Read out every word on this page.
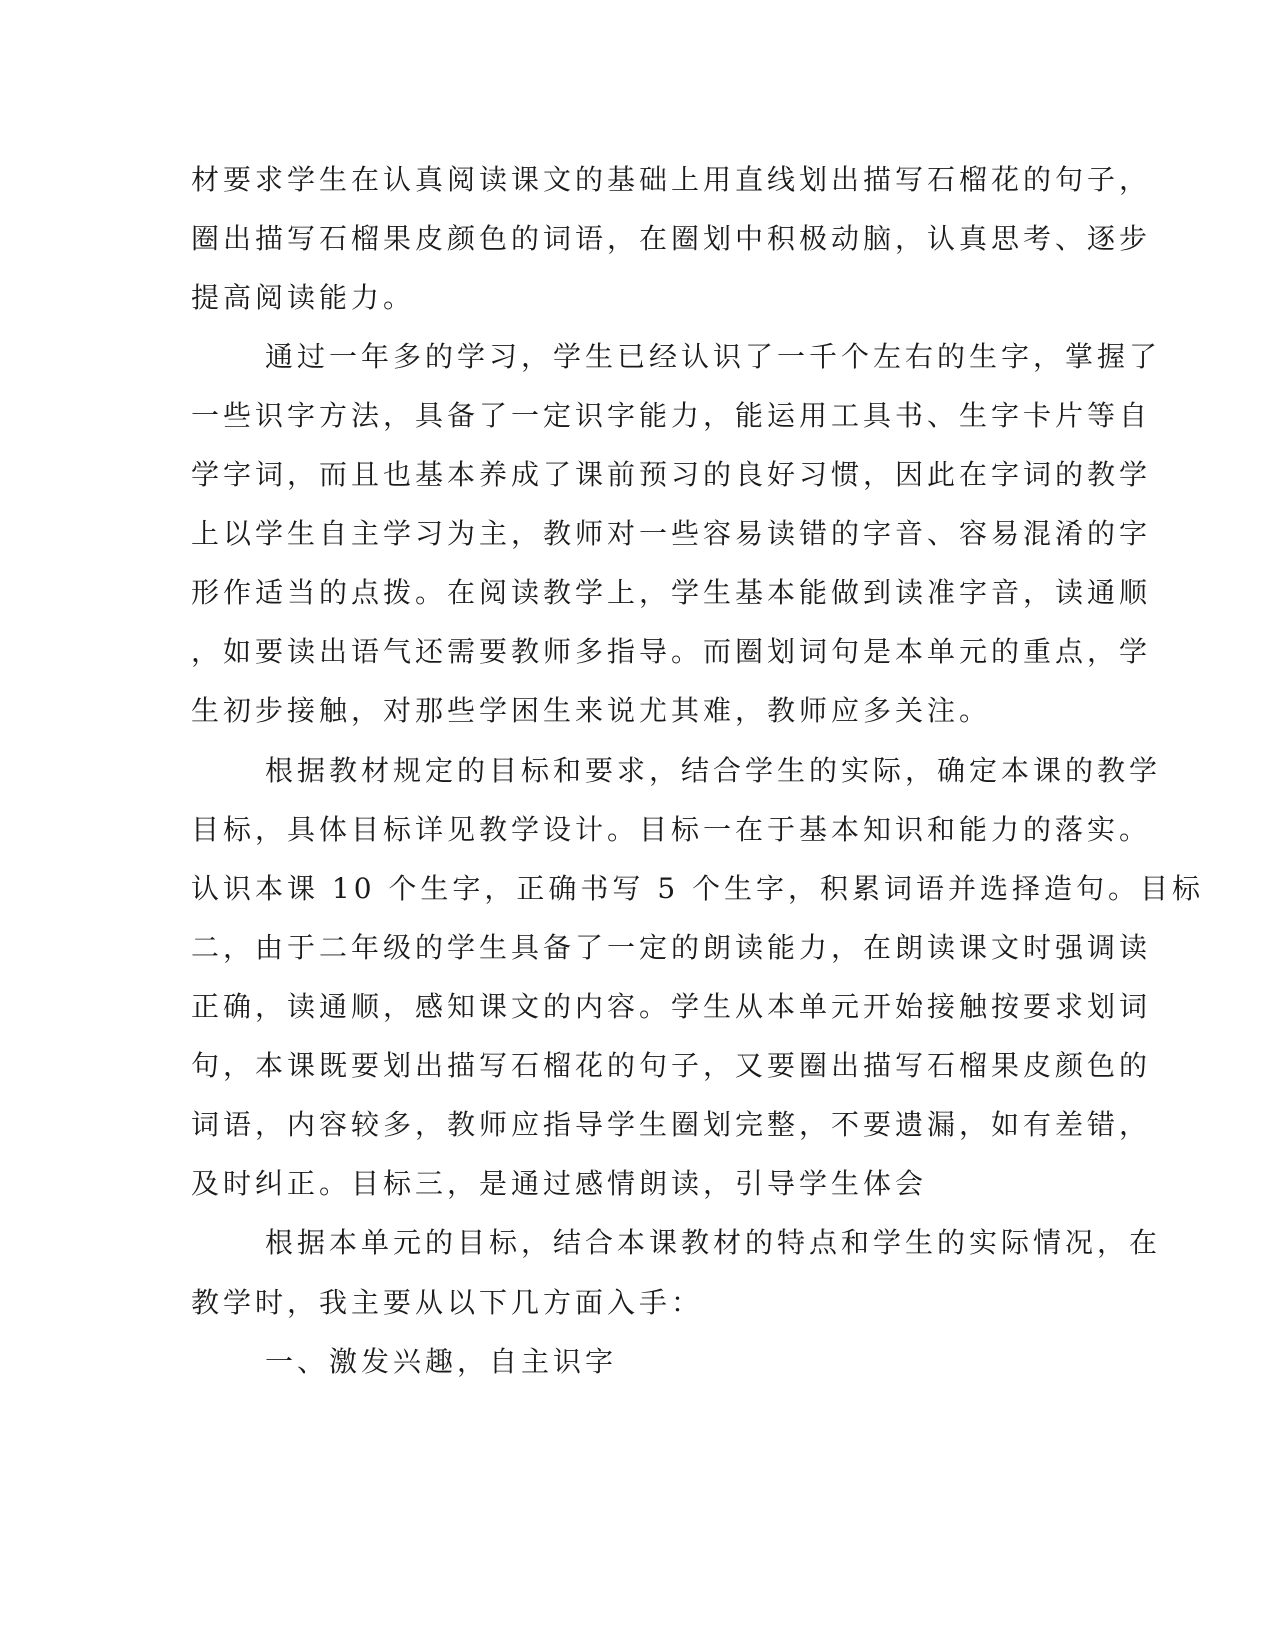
材要求学生在认真阅读课文的基础上用直线划出描写石榴花的句子，
圈出描写石榴果皮颜色的词语，在圈划中积极动脑，认真思考、逐步
提高阅读能力。
通过一年多的学习，学生已经认识了一千个左右的生字，掌握了
一些识字方法，具备了一定识字能力，能运用工具书、生字卡片等自
学字词，而且也基本养成了课前预习的良好习惯，因此在字词的教学
上以学生自主学习为主，教师对一些容易读错的字音、容易混淆的字
形作适当的点拨。在阅读教学上，学生基本能做到读准字音，读通顺
，如要读出语气还需要教师多指导。而圈划词句是本单元的重点，学
生初步接触，对那些学困生来说尤其难，教师应多关注。
根据教材规定的目标和要求，结合学生的实际，确定本课的教学
目标，具体目标详见教学设计。目标一在于基本知识和能力的落实。
认识本课 10 个生字，正确书写 5 个生字，积累词语并选择造句。目标
二，由于二年级的学生具备了一定的朗读能力，在朗读课文时强调读
正确，读通顺，感知课文的内容。学生从本单元开始接触按要求划词
句，本课既要划出描写石榴花的句子，又要圈出描写石榴果皮颜色的
词语，内容较多，教师应指导学生圈划完整，不要遗漏，如有差错，
及时纠正。目标三，是通过感情朗读，引导学生体会
根据本单元的目标，结合本课教材的特点和学生的实际情况，在
教学时，我主要从以下几方面入手：
一、激发兴趣，自主识字
